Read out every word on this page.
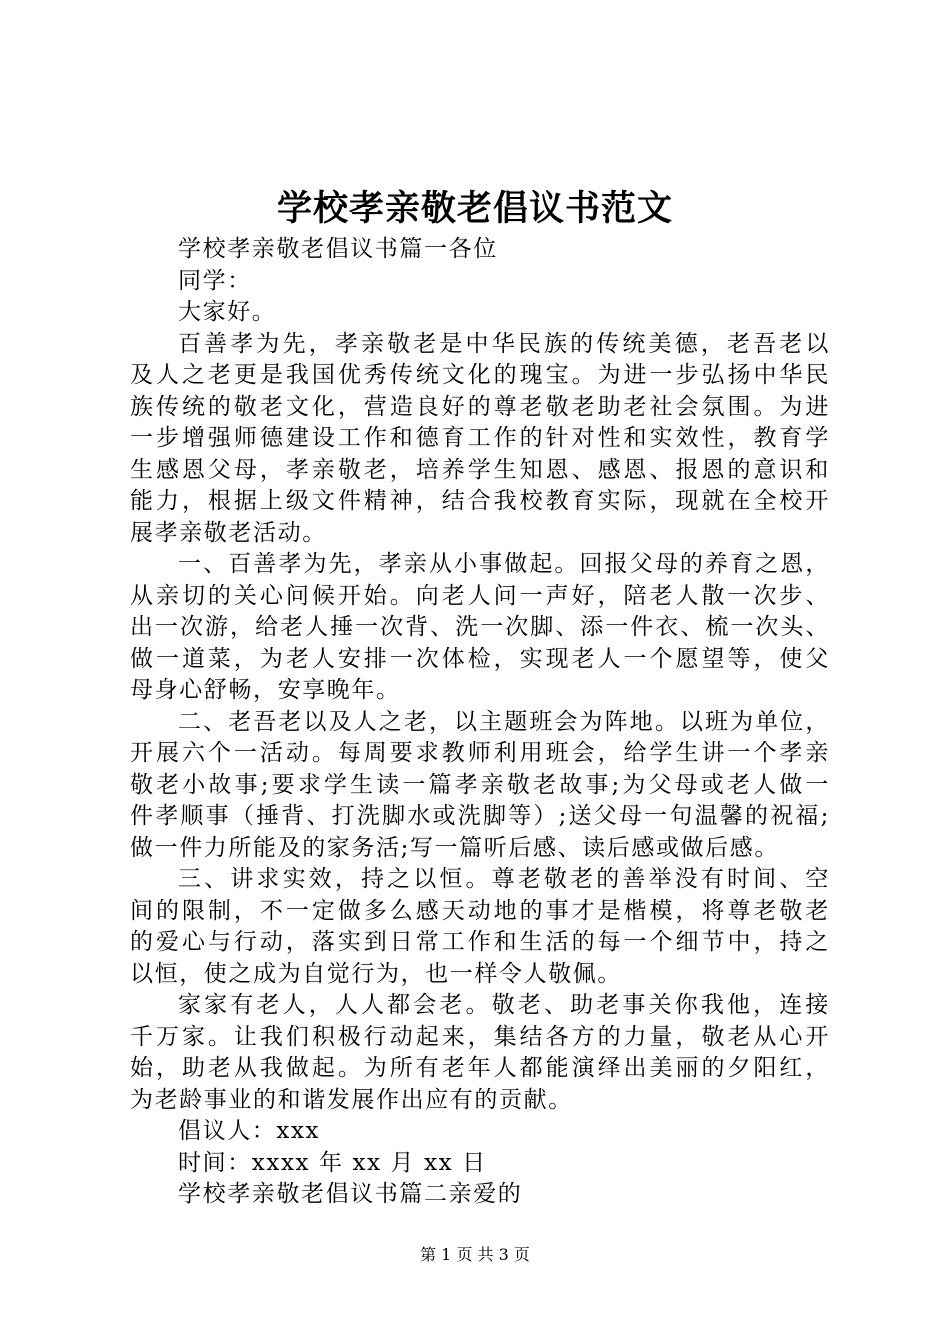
学校孝亲敬老倡议书范文
学校孝亲敬老倡议书篇一各位
同学：
大家好。
百善孝为先，孝亲敬老是中华民族的传统美德，老吾老以
及人之老更是我国优秀传统文化的瑰宝。为进一步弘扬中华民
族传统的敬老文化，营造良好的尊老敬老助老社会氛围。为进
一步增强师德建设工作和德育工作的针对性和实效性，教育学
生感恩父母，孝亲敬老，培养学生知恩、感恩、报恩的意识和
能力，根据上级文件精神，结合我校教育实际，现就在全校开
展孝亲敬老活动。
一、百善孝为先，孝亲从小事做起。回报父母的养育之恩，
从亲切的关心问候开始。向老人问一声好，陪老人散一次步、
出一次游，给老人捶一次背、洗一次脚、添一件衣、梳一次头、
做一道菜，为老人安排一次体检，实现老人一个愿望等，使父
母身心舒畅，安享晚年。
二、老吾老以及人之老，以主题班会为阵地。以班为单位，
开展六个一活动。每周要求教师利用班会，给学生讲一个孝亲
敬老小故事;要求学生读一篇孝亲敬老故事;为父母或老人做一
件孝顺事（捶背、打洗脚水或洗脚等）;送父母一句温馨的祝福;
做一件力所能及的家务活;写一篇听后感、读后感或做后感。
三、讲求实效，持之以恒。尊老敬老的善举没有时间、空
间的限制，不一定做多么感天动地的事才是楷模，将尊老敬老
的爱心与行动，落实到日常工作和生活的每一个细节中，持之
以恒，使之成为自觉行为，也一样令人敬佩。
家家有老人，人人都会老。敬老、助老事关你我他，连接
千万家。让我们积极行动起来，集结各方的力量，敬老从心开
始，助老从我做起。为所有老年人都能演绎出美丽的夕阳红，
为老龄事业的和谐发展作出应有的贡献。
倡议人：xxx
时间：xxxx 年 xx 月 xx 日
学校孝亲敬老倡议书篇二亲爱的
第 1 页 共 3 页
